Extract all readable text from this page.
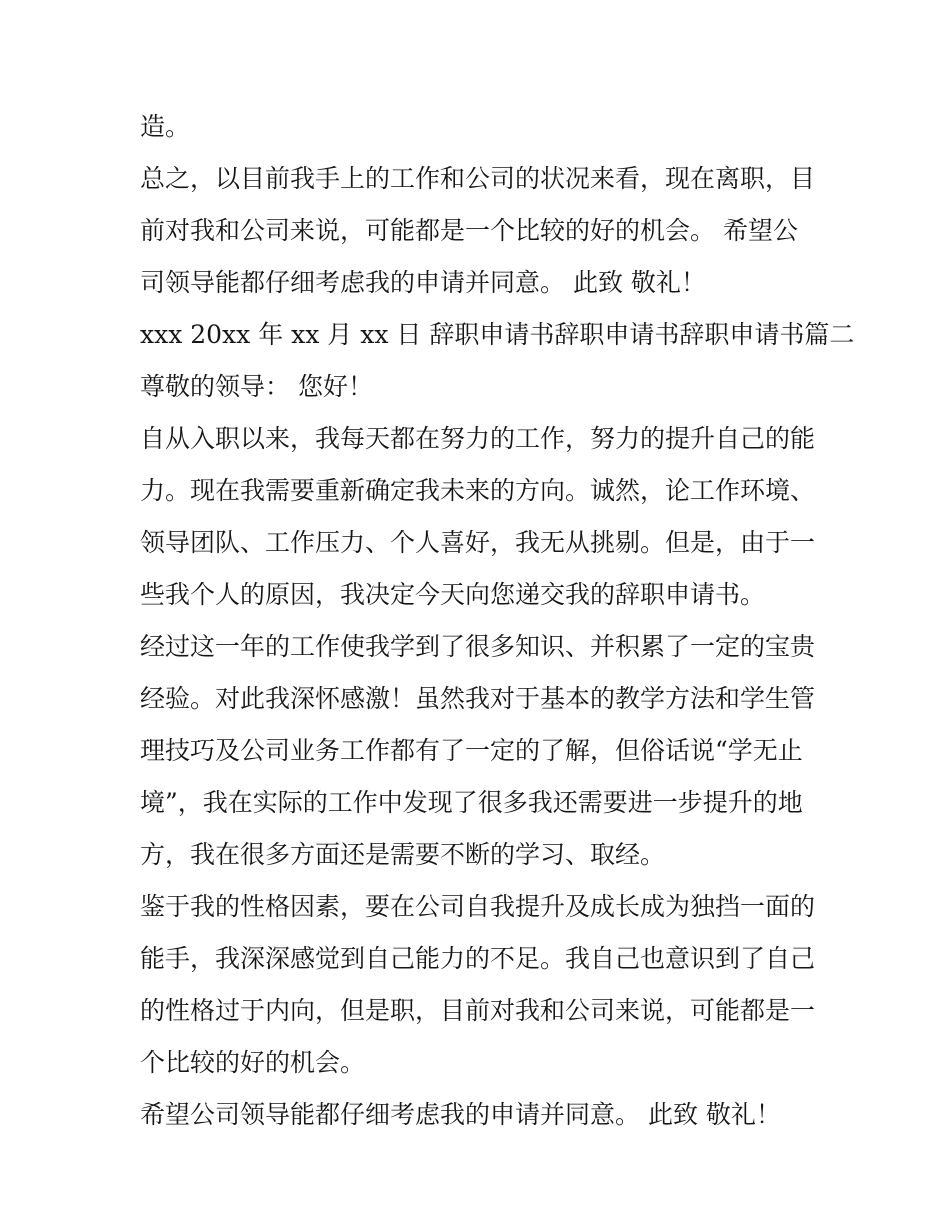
造。

总之，以目前我手上的工作和公司的状况来看，现在离职，目

前对我和公司来说，可能都是一个比较的好的机会。 希望公

司领导能都仔细考虑我的申请并同意。 此致 敬礼！

xxx 20xx 年 xx 月 xx 日 辞职申请书辞职申请书辞职申请书篇二

尊敬的领导： 您好！

自从入职以来，我每天都在努力的工作，努力的提升自己的能

力。现在我需要重新确定我未来的方向。诚然，论工作环境、

领导团队、工作压力、个人喜好，我无从挑剔。但是，由于一

些我个人的原因，我决定今天向您递交我的辞职申请书。

经过这一年的工作使我学到了很多知识、并积累了一定的宝贵

经验。对此我深怀感激！虽然我对于基本的教学方法和学生管

理技巧及公司业务工作都有了一定的了解，但俗话说“学无止

境”，我在实际的工作中发现了很多我还需要进一步提升的地

方，我在很多方面还是需要不断的学习、取经。

鉴于我的性格因素，要在公司自我提升及成长成为独挡一面的

能手，我深深感觉到自己能力的不足。我自己也意识到了自己

的性格过于内向，但是职，目前对我和公司来说，可能都是一

个比较的好的机会。

希望公司领导能都仔细考虑我的申请并同意。 此致 敬礼！
